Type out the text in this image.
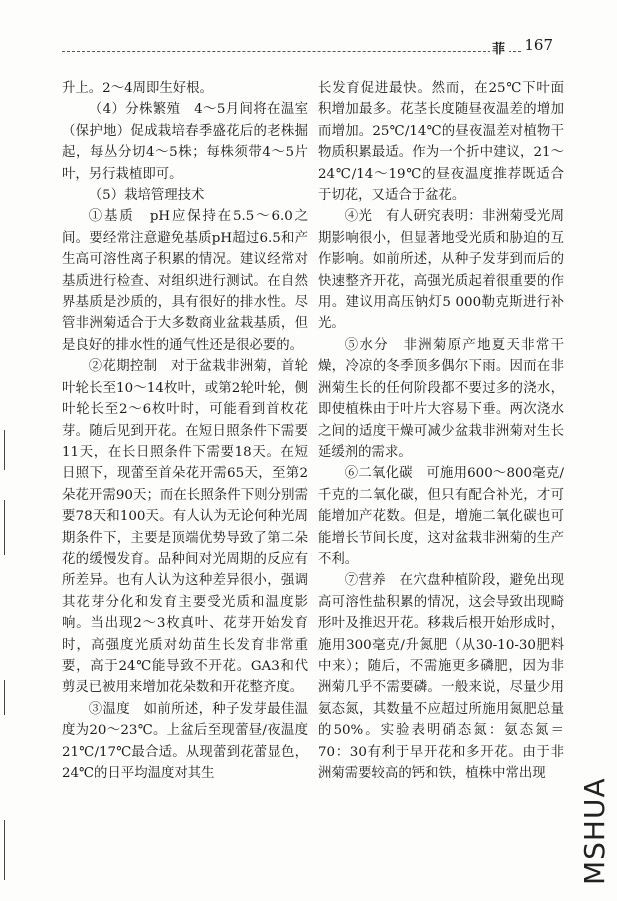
菲 167

升上。2～4周即生好根。

（4）分株繁殖　4～5月间将在温室（保护地）促成栽培春季盛花后的老株掘起，每丛分切4～5株；每株须带4～5片叶，另行栽植即可。

（5）栽培管理技术

①基质　pH应保持在5.5～6.0之间。要经常注意避免基质pH超过6.5和产生高可溶性离子积累的情况。建议经常对基质进行检查、对组织进行测试。在自然界基质是沙质的，具有很好的排水性。尽管非洲菊适合于大多数商业盆栽基质，但是良好的排水性的通气性还是很必要的。

②花期控制　对于盆栽非洲菊，首轮叶轮长至10～14枚叶，或第2轮叶轮，侧叶轮长至2～6枚叶时，可能看到首枚花芽。随后见到开花。在短日照条件下需要11天，在长日照条件下需要18天。在短日照下，现蕾至首朵花开需65天，至第2朵花开需90天；而在长照条件下则分别需要78天和100天。有人认为无论何种光周期条件下，主要是顶端优势导致了第二朵花的缓慢发育。品种间对光周期的反应有所差异。也有人认为这种差异很小，强调其花芽分化和发育主要受光质和温度影响。当出现2～3枚真叶、花芽开始发育时，高强度光质对幼苗生长发育非常重要，高于24℃能导致不开花。GA3和代剪灵已被用来增加花朵数和开花整齐度。

③温度　如前所述，种子发芽最佳温度为20～23℃。上盆后至现蕾昼/夜温度21℃/17℃最合适。从现蕾到花蕾显色，24℃的日平均温度对其生

长发育促进最快。然而，在25℃下叶面积增加最多。花茎长度随昼夜温差的增加而增加。25℃/14℃的昼夜温差对植物干物质积累最适。作为一个折中建议，21～24℃/14～19℃的昼夜温度推荐既适合于切花，又适合于盆花。

④光　有人研究表明：非洲菊受光周期影响很小，但显著地受光质和胁迫的互作影响。如前所述，从种子发芽到而后的快速整齐开花，高强光质起着很重要的作用。建议用高压钠灯5 000勒克斯进行补光。

⑤水分　非洲菊原产地夏天非常干燥，冷凉的冬季顶多偶尔下雨。因而在非洲菊生长的任何阶段都不要过多的浇水，即使植株由于叶片大容易下垂。两次浇水之间的适度干燥可减少盆栽非洲菊对生长延缓剂的需求。

⑥二氧化碳　可施用600～800毫克/千克的二氧化碳，但只有配合补光，才可能增加产花数。但是，增施二氧化碳也可能增长节间长度，这对盆栽非洲菊的生产不利。

⑦营养　在穴盘种植阶段，避免出现高可溶性盐积累的情况，这会导致出现畸形叶及推迟开花。移栽后根开始形成时，施用300毫克/升氮肥（从30-10-30肥料中来）；随后，不需施更多磷肥，因为非洲菊几乎不需要磷。一般来说，尽量少用氨态氮，其数量不应超过所施用氮肥总量的50%。实验表明硝态氮：氨态氮＝70：30有利于早开花和多开花。由于非洲菊需要较高的钙和铁，植株中常出现

MSHUA
